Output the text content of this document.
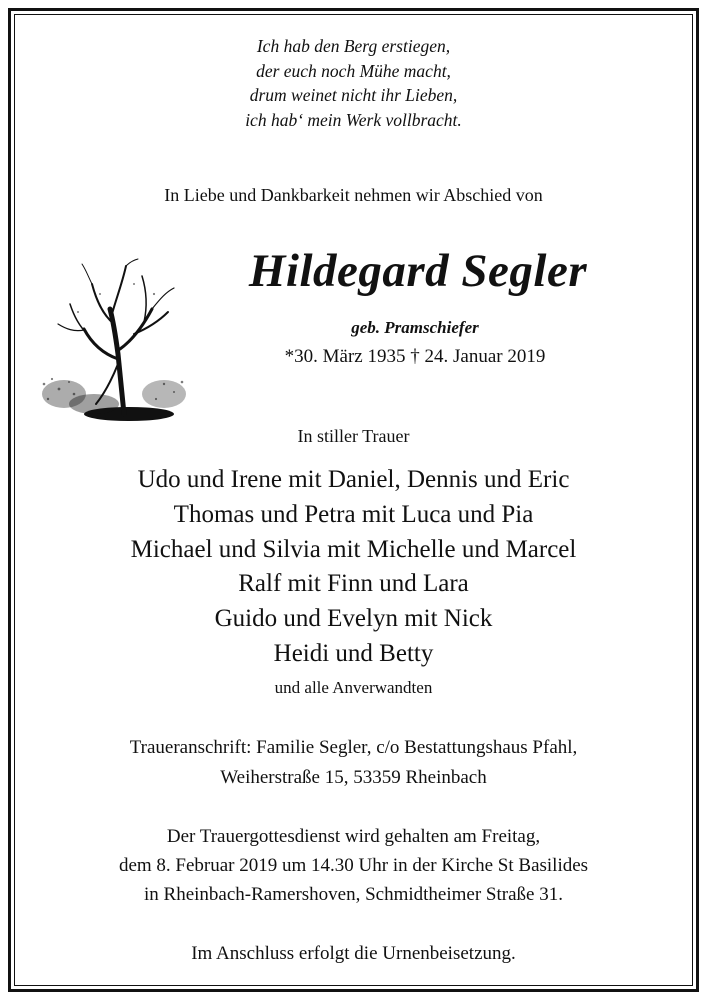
Ich hab den Berg erstiegen,
der euch noch Mühe macht,
drum weinet nicht ihr Lieben,
ich hab‘ mein Werk vollbracht.
In Liebe und Dankbarkeit nehmen wir Abschied von
Hildegard Segler
geb. Pramschiefer
*30. März 1935 † 24. Januar 2019
In stiller Trauer
Udo und Irene mit Daniel, Dennis und Eric
Thomas und Petra mit Luca und Pia
Michael und Silvia mit Michelle und Marcel
Ralf mit Finn und Lara
Guido und Evelyn mit Nick
Heidi und Betty
und alle Anverwandten
Traueranschrift: Familie Segler, c/o Bestattungshaus Pfahl,
Weiherstraße 15, 53359 Rheinbach
Der Trauergottesdienst wird gehalten am Freitag,
dem 8. Februar 2019 um 14.30 Uhr in der Kirche St Basilides
in Rheinbach-Ramershoven, Schmidtheimer Straße 31.
Im Anschluss erfolgt die Urnenbeisetzung.
